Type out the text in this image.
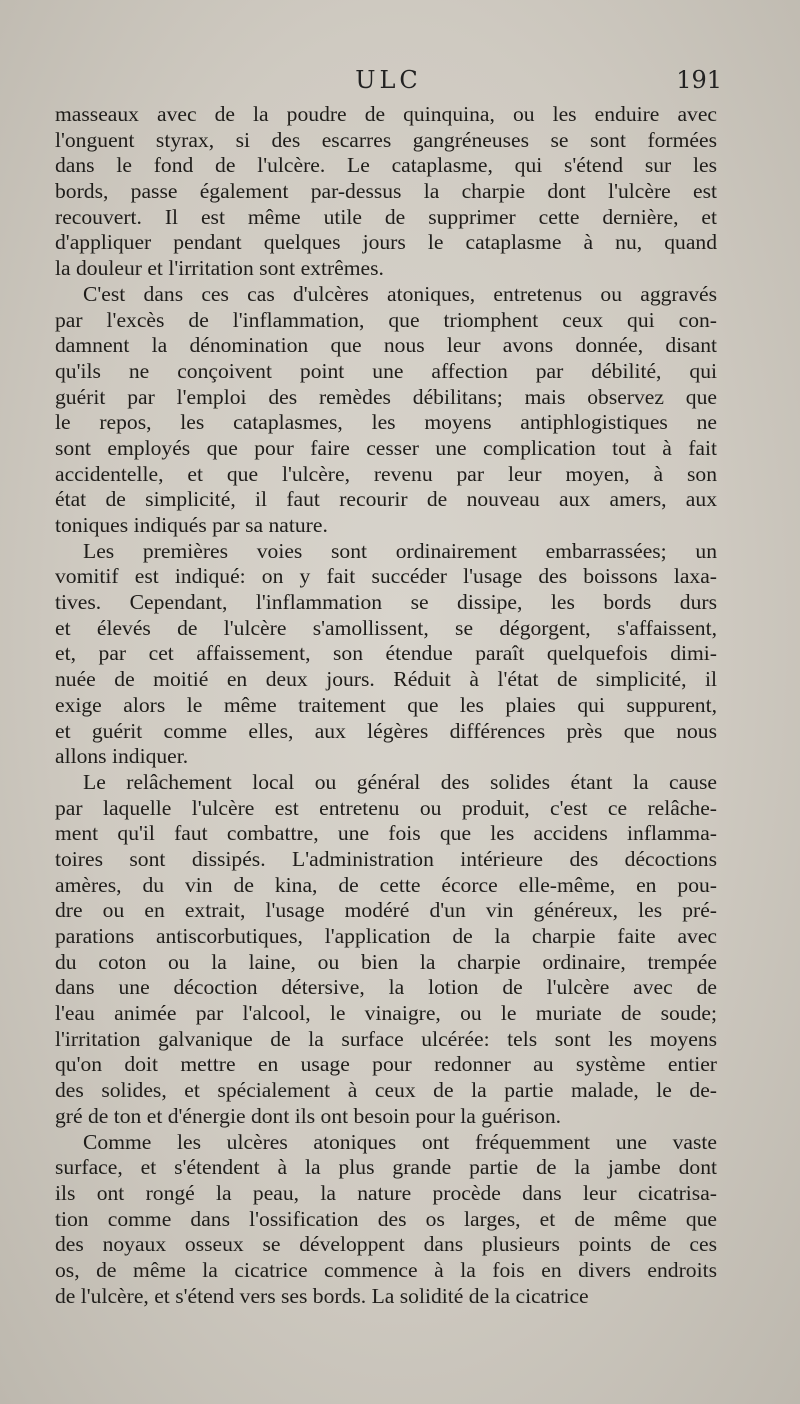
ULC	191
masseaux avec de la poudre de quinquina, ou les enduire avec
l'onguent styrax, si des escarres gangréneuses se sont formées
dans le fond de l'ulcère. Le cataplasme, qui s'étend sur les
bords, passe également par-dessus la charpie dont l'ulcère est
recouvert. Il est même utile de supprimer cette dernière, et
d'appliquer pendant quelques jours le cataplasme à nu, quand
la douleur et l'irritation sont extrêmes.
C'est dans ces cas d'ulcères atoniques, entretenus ou aggravés
par l'excès de l'inflammation, que triomphent ceux qui con-
damnent la dénomination que nous leur avons donnée, disant
qu'ils ne conçoivent point une affection par débilité, qui
guérit par l'emploi des remèdes débilitans; mais observez que
le repos, les cataplasmes, les moyens antiphlogistiques ne
sont employés que pour faire cesser une complication tout à fait
accidentelle, et que l'ulcère, revenu par leur moyen, à son
état de simplicité, il faut recourir de nouveau aux amers, aux
toniques indiqués par sa nature.
Les premières voies sont ordinairement embarrassées; un
vomitif est indiqué: on y fait succéder l'usage des boissons laxa-
tives. Cependant, l'inflammation se dissipe, les bords durs
et élevés de l'ulcère s'amollissent, se dégorgent, s'affaissent,
et, par cet affaissement, son étendue paraît quelquefois dimi-
nuée de moitié en deux jours. Réduit à l'état de simplicité, il
exige alors le même traitement que les plaies qui suppurent,
et guérit comme elles, aux légères différences près que nous
allons indiquer.
Le relâchement local ou général des solides étant la cause
par laquelle l'ulcère est entretenu ou produit, c'est ce relâche-
ment qu'il faut combattre, une fois que les accidens inflamma-
toires sont dissipés. L'administration intérieure des décoctions
amères, du vin de kina, de cette écorce elle-même, en pou-
dre ou en extrait, l'usage modéré d'un vin généreux, les pré-
parations antiscorbutiques, l'application de la charpie faite avec
du coton ou la laine, ou bien la charpie ordinaire, trempée
dans une décoction détersive, la lotion de l'ulcère avec de
l'eau animée par l'alcool, le vinaigre, ou le muriate de soude;
l'irritation galvanique de la surface ulcérée: tels sont les moyens
qu'on doit mettre en usage pour redonner au système entier
des solides, et spécialement à ceux de la partie malade, le de-
gré de ton et d'énergie dont ils ont besoin pour la guérison.
Comme les ulcères atoniques ont fréquemment une vaste
surface, et s'étendent à la plus grande partie de la jambe dont
ils ont rongé la peau, la nature procède dans leur cicatrisa-
tion comme dans l'ossification des os larges, et de même que
des noyaux osseux se développent dans plusieurs points de ces
os, de même la cicatrice commence à la fois en divers endroits
de l'ulcère, et s'étend vers ses bords. La solidité de la cicatrice
